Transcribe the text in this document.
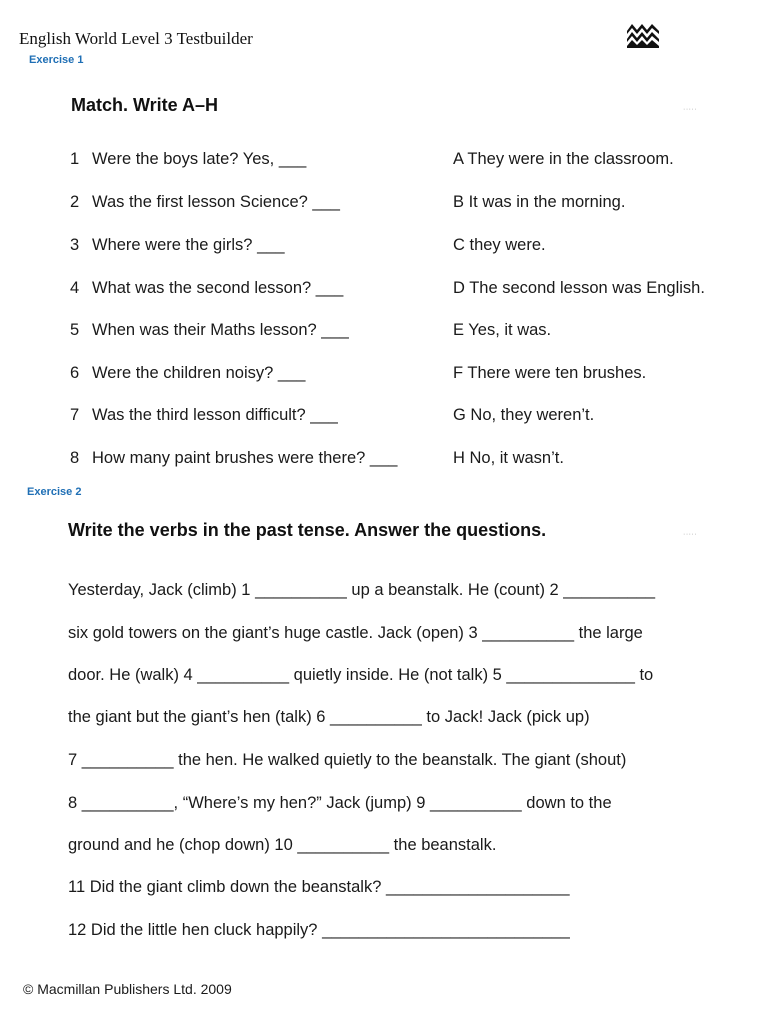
English World Level 3 Testbuilder
Exercise 1
Match. Write A–H	·····
1 Were the boys late? Yes, ___	A They were in the classroom.
2 Was the first lesson Science? ___	B It was in the morning.
3 Where were the girls? ___	C they were.
4 What was the second lesson? ___	D The second lesson was English.
5 When was their Maths lesson? ___	E Yes, it was.
6 Were the children noisy? ___	F There were ten brushes.
7 Was the third lesson difficult? ___	G No, they weren’t.
8 How many paint brushes were there? ___	H No, it wasn’t.
Exercise 2
Write the verbs in the past tense. Answer the questions.	·····
Yesterday, Jack (climb) 1 __________ up a beanstalk. He (count) 2 __________
six gold towers on the giant’s huge castle. Jack (open) 3 __________ the large
door. He (walk) 4 __________ quietly inside. He (not talk) 5 ______________ to
the giant but the giant’s hen (talk) 6 __________ to Jack! Jack (pick up)
7 __________ the hen. He walked quietly to the beanstalk. The giant (shout)
8 __________, “Where’s my hen?” Jack (jump) 9 __________ down to the
ground and he (chop down) 10 __________ the beanstalk.
11 Did the giant climb down the beanstalk? ____________________
12 Did the little hen cluck happily? ___________________________
© Macmillan Publishers Ltd. 2009
